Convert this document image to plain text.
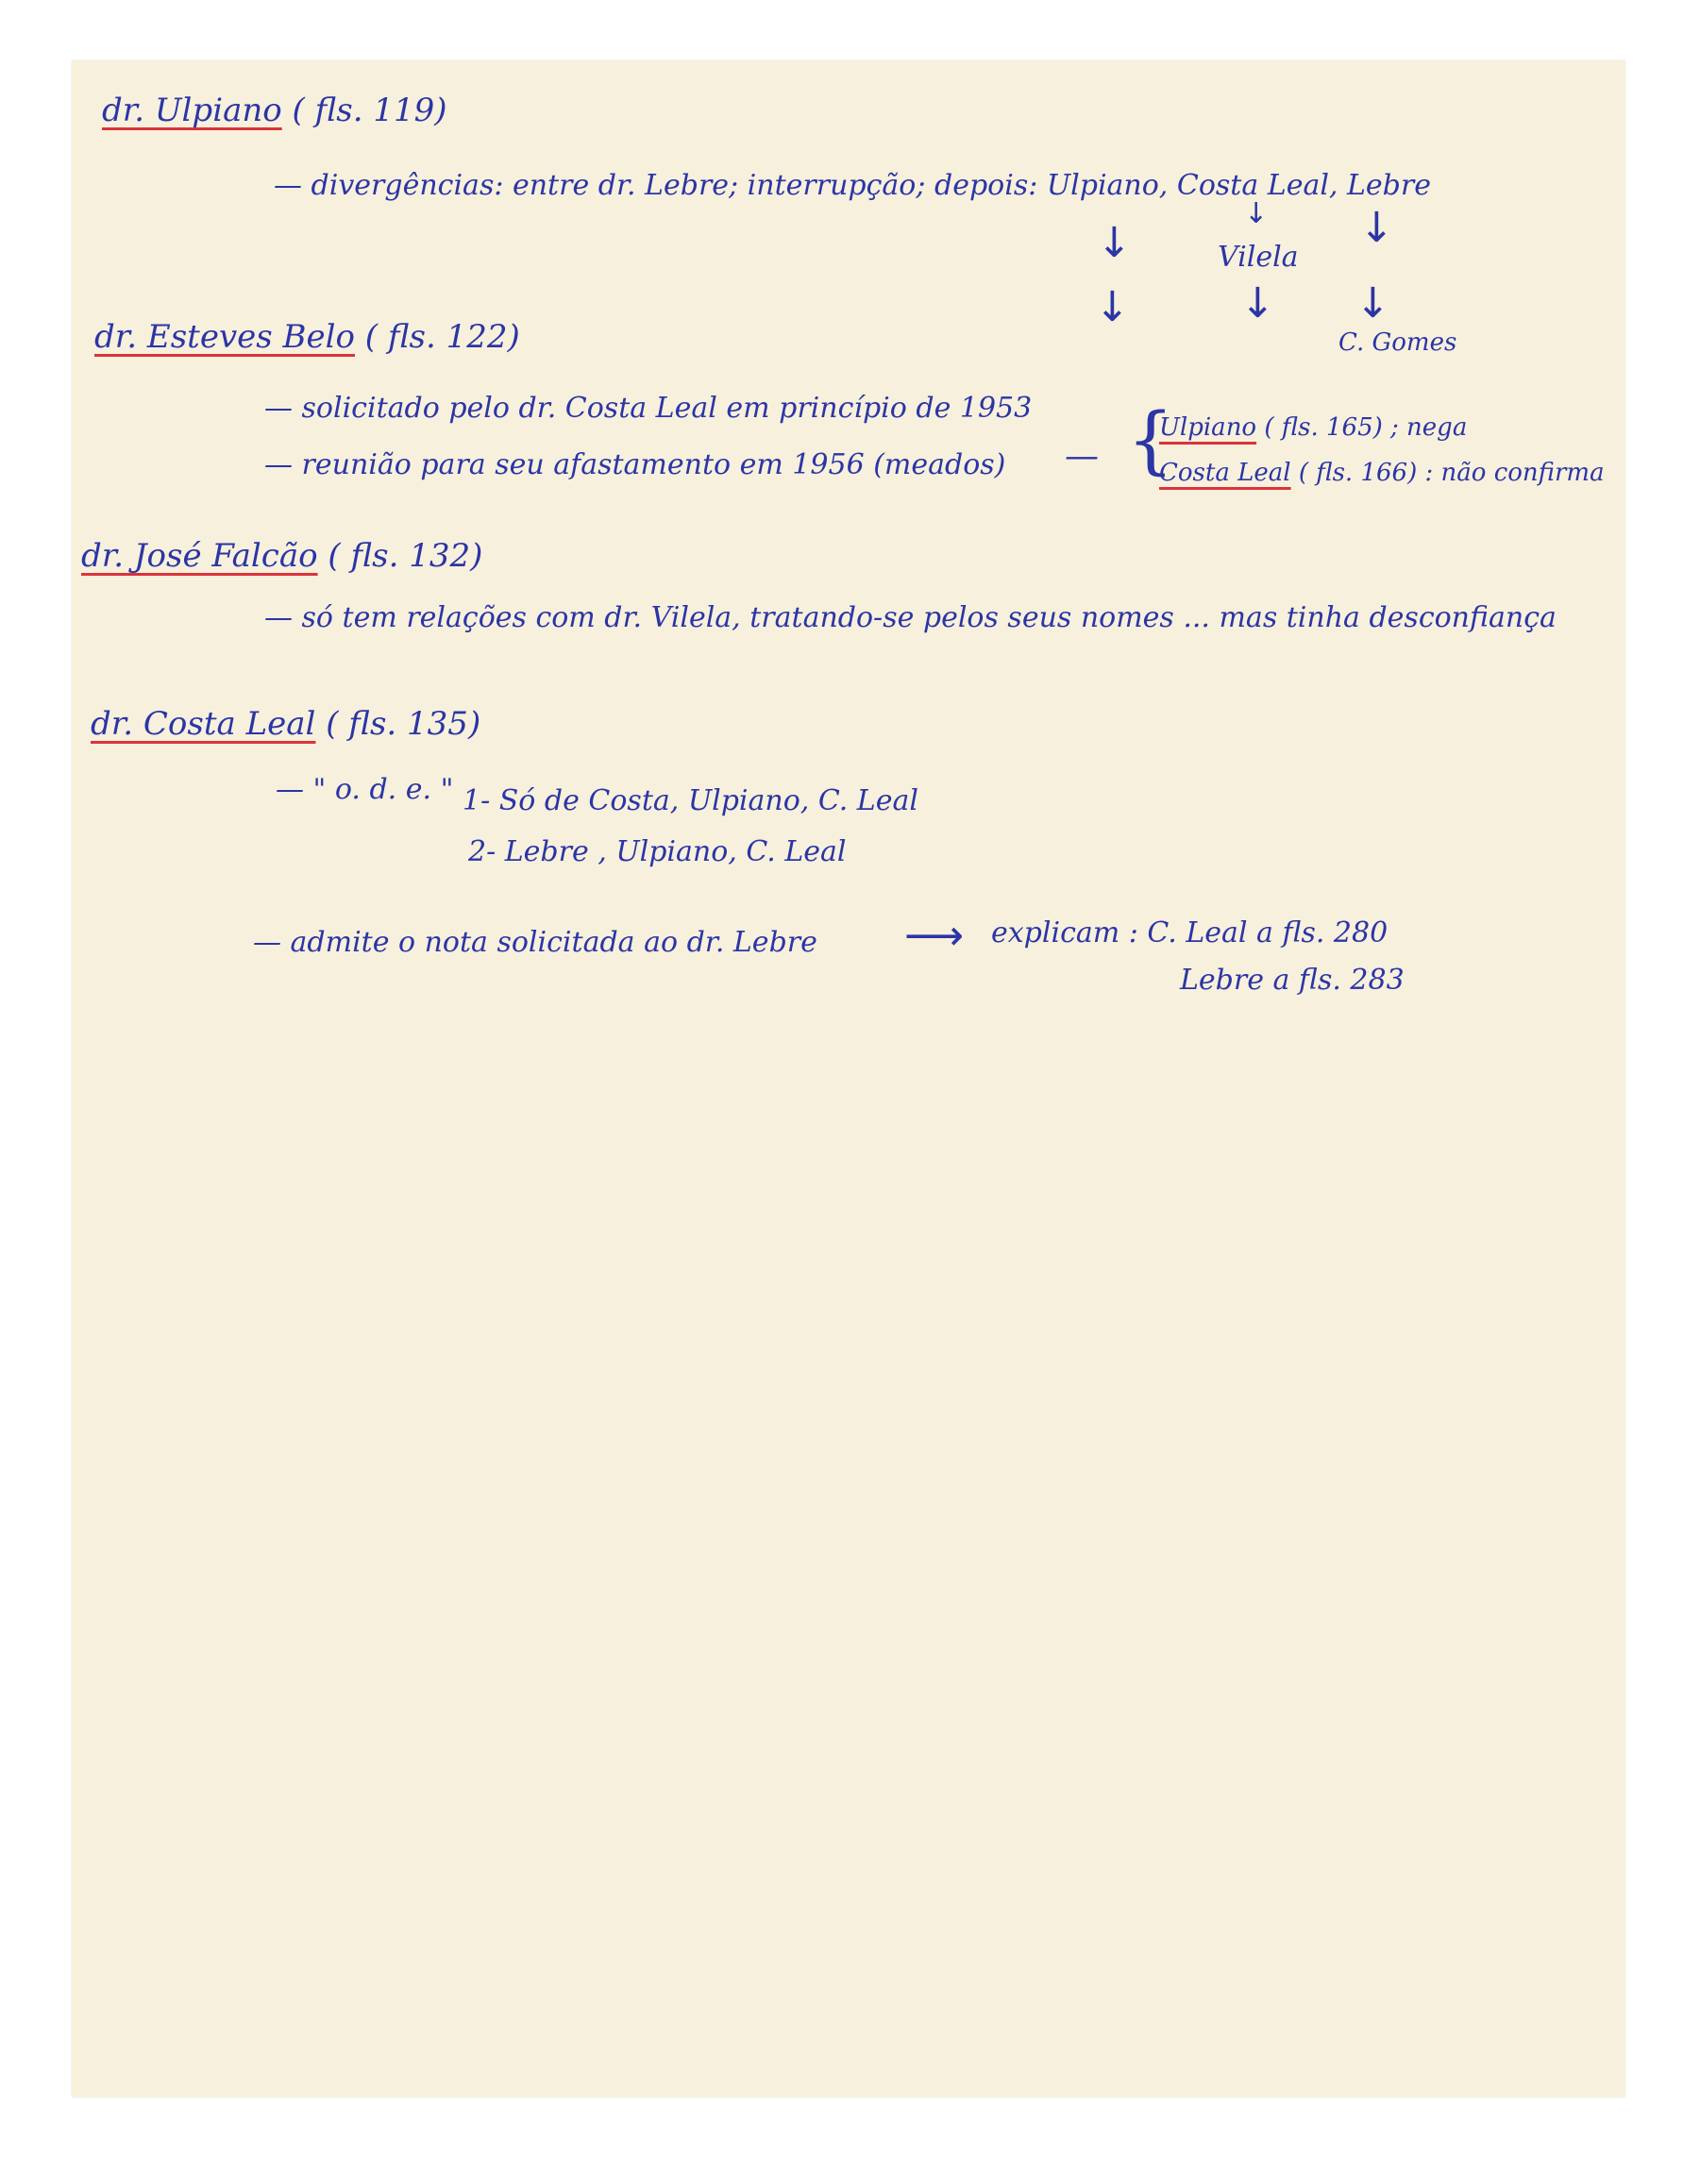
dr. Ulpiano ( fls. 119)
— divergências: entre dr. Lebre; interrupção; depois: Ulpiano, Costa Leal, Lebre
↓ ↓
↓	Vilela
↓	↓ ↓
C. Gomes
dr. Esteves Belo ( fls. 122)
— solicitado pelo dr. Costa Leal em princípio de 1953
— reunião para seu afastamento em 1956 (meados) — {
Ulpiano ( fls. 165) ; nega
Costa Leal ( fls. 166) : não confirma
dr. José Falcão ( fls. 132)
— só tem relações com dr. Vilela, tratando-se pelos seus nomes ... mas tinha desconfiança
dr. Costa Leal ( fls. 135)
— " o. d. e. " 1- Só de Costa, Ulpiano, C. Leal
2- Lebre , Ulpiano, C. Leal
— admite o nota solicitada ao dr. Lebre ⟶ explicam : C. Leal a fls. 280
Lebre a fls. 283
